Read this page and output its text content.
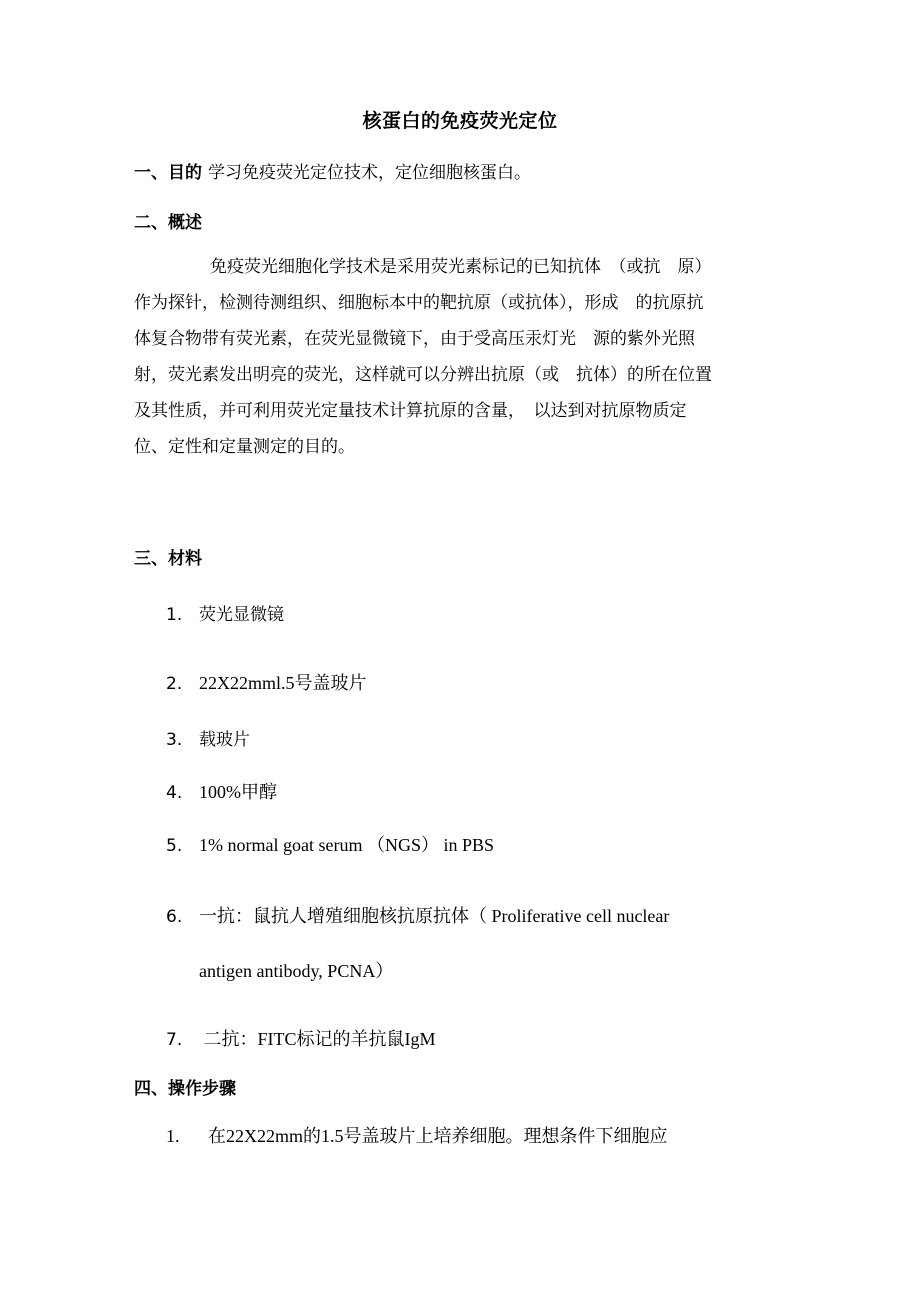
核蛋白的免疫荧光定位
一、目的 学习免疫荧光定位技术，定位细胞核蛋白。
二、概述
免疫荧光细胞化学技术是采用荧光素标记的已知抗体　（或抗　原）
作为探针，检测待测组织、细胞标本中的靶抗原（或抗体），形成　的抗原抗
体复合物带有荧光素，在荧光显微镜下，由于受高压汞灯光　源的紫外光照
射，荧光素发出明亮的荧光，这样就可以分辨出抗原（或　抗体）的所在位置
及其性质，并可利用荧光定量技术计算抗原的含量，　以达到对抗原物质定
位、定性和定量测定的目的。
三、材料
1. 荧光显微镜
2. 22X22mml.5号盖玻片
3. 载玻片
4. 100%甲醇
5. 1% normal goat serum （NGS） in PBS
6. 一抗：鼠抗人增殖细胞核抗原抗体（ Proliferative cell nuclear
antigen antibody, PCNA）
7. 二抗：FITC标记的羊抗鼠IgM
四、操作步骤
1. 在22X22mm的1.5号盖玻片上培养细胞。理想条件下细胞应
